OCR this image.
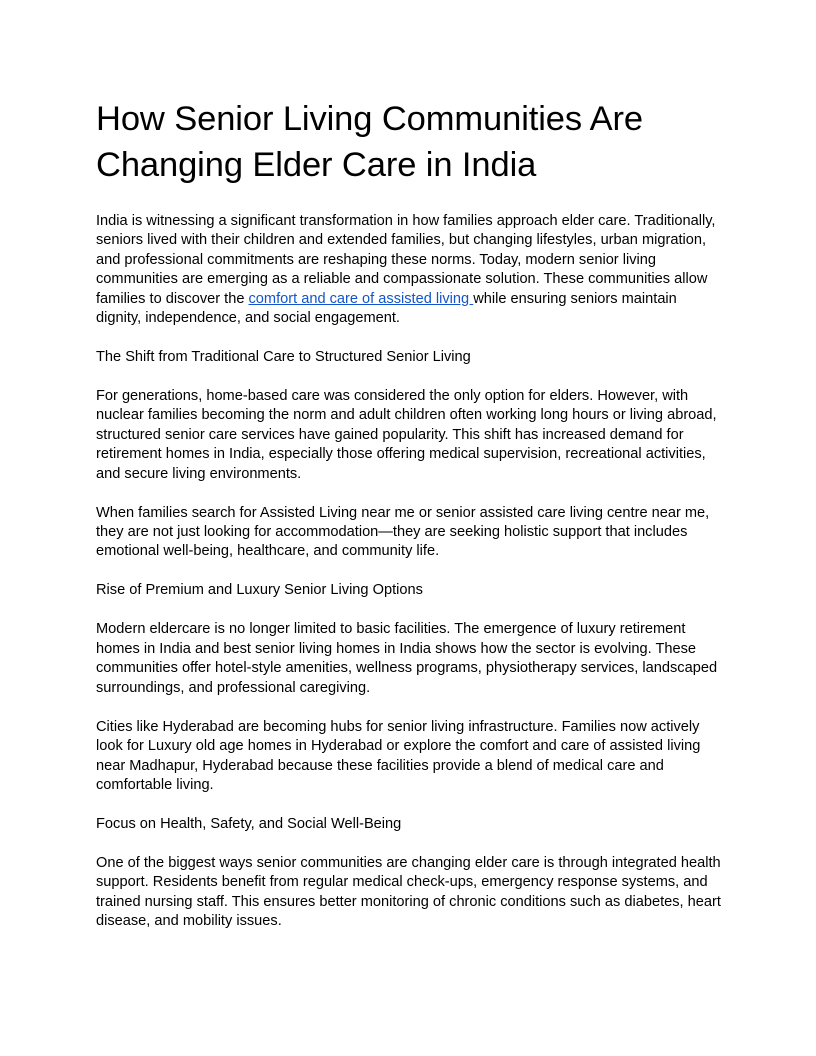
How Senior Living Communities Are Changing Elder Care in India

India is witnessing a significant transformation in how families approach elder care. Traditionally, seniors lived with their children and extended families, but changing lifestyles, urban migration, and professional commitments are reshaping these norms. Today, modern senior living communities are emerging as a reliable and compassionate solution. These communities allow families to discover the comfort and care of assisted living while ensuring seniors maintain dignity, independence, and social engagement.

The Shift from Traditional Care to Structured Senior Living

For generations, home-based care was considered the only option for elders. However, with nuclear families becoming the norm and adult children often working long hours or living abroad, structured senior care services have gained popularity. This shift has increased demand for retirement homes in India, especially those offering medical supervision, recreational activities, and secure living environments.

When families search for Assisted Living near me or senior assisted care living centre near me, they are not just looking for accommodation—they are seeking holistic support that includes emotional well-being, healthcare, and community life.

Rise of Premium and Luxury Senior Living Options

Modern eldercare is no longer limited to basic facilities. The emergence of luxury retirement homes in India and best senior living homes in India shows how the sector is evolving. These communities offer hotel-style amenities, wellness programs, physiotherapy services, landscaped surroundings, and professional caregiving.

Cities like Hyderabad are becoming hubs for senior living infrastructure. Families now actively look for Luxury old age homes in Hyderabad or explore the comfort and care of assisted living near Madhapur, Hyderabad because these facilities provide a blend of medical care and comfortable living.

Focus on Health, Safety, and Social Well-Being

One of the biggest ways senior communities are changing elder care is through integrated health support. Residents benefit from regular medical check-ups, emergency response systems, and trained nursing staff. This ensures better monitoring of chronic conditions such as diabetes, heart disease, and mobility issues.
